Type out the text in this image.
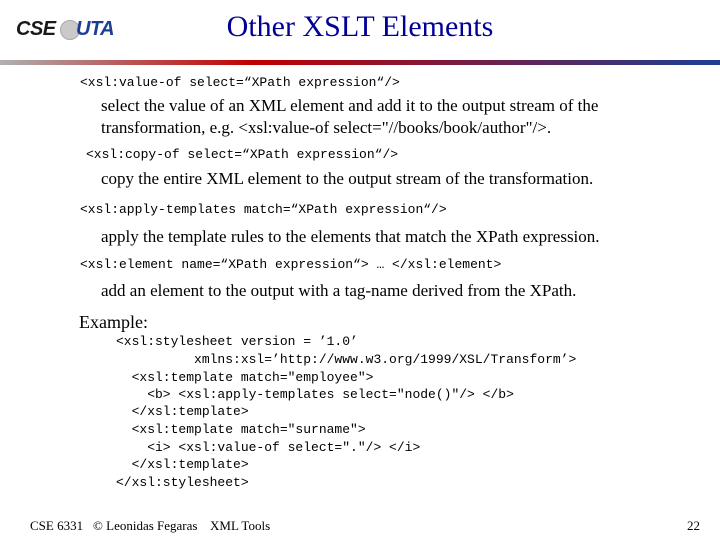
CSE UTA	Other XSLT Elements
<xsl:value-of select=“XPath expression“/>
select the value of an XML element and add it to the output stream of the
transformation, e.g. <xsl:value-of select="//books/book/author"/>.
<xsl:copy-of select=“XPath expression“/>
copy the entire XML element to the output stream of the transformation.
<xsl:apply-templates match=“XPath expression“/>
apply the template rules to the elements that match the XPath expression.
<xsl:element name=“XPath expression“> … </xsl:element>
add an element to the output with a tag-name derived from the XPath.
Example:
<xsl:stylesheet version = ’1.0’
xmlns:xsl=’http://www.w3.org/1999/XSL/Transform’>
<xsl:template match="employee">
<b> <xsl:apply-templates select="node()"/> </b>
</xsl:template>
<xsl:template match="surname">
<i> <xsl:value-of select="."/> </i>
</xsl:template>
</xsl:stylesheet>
CSE 6331 © Leonidas Fegaras XML Tools	22
